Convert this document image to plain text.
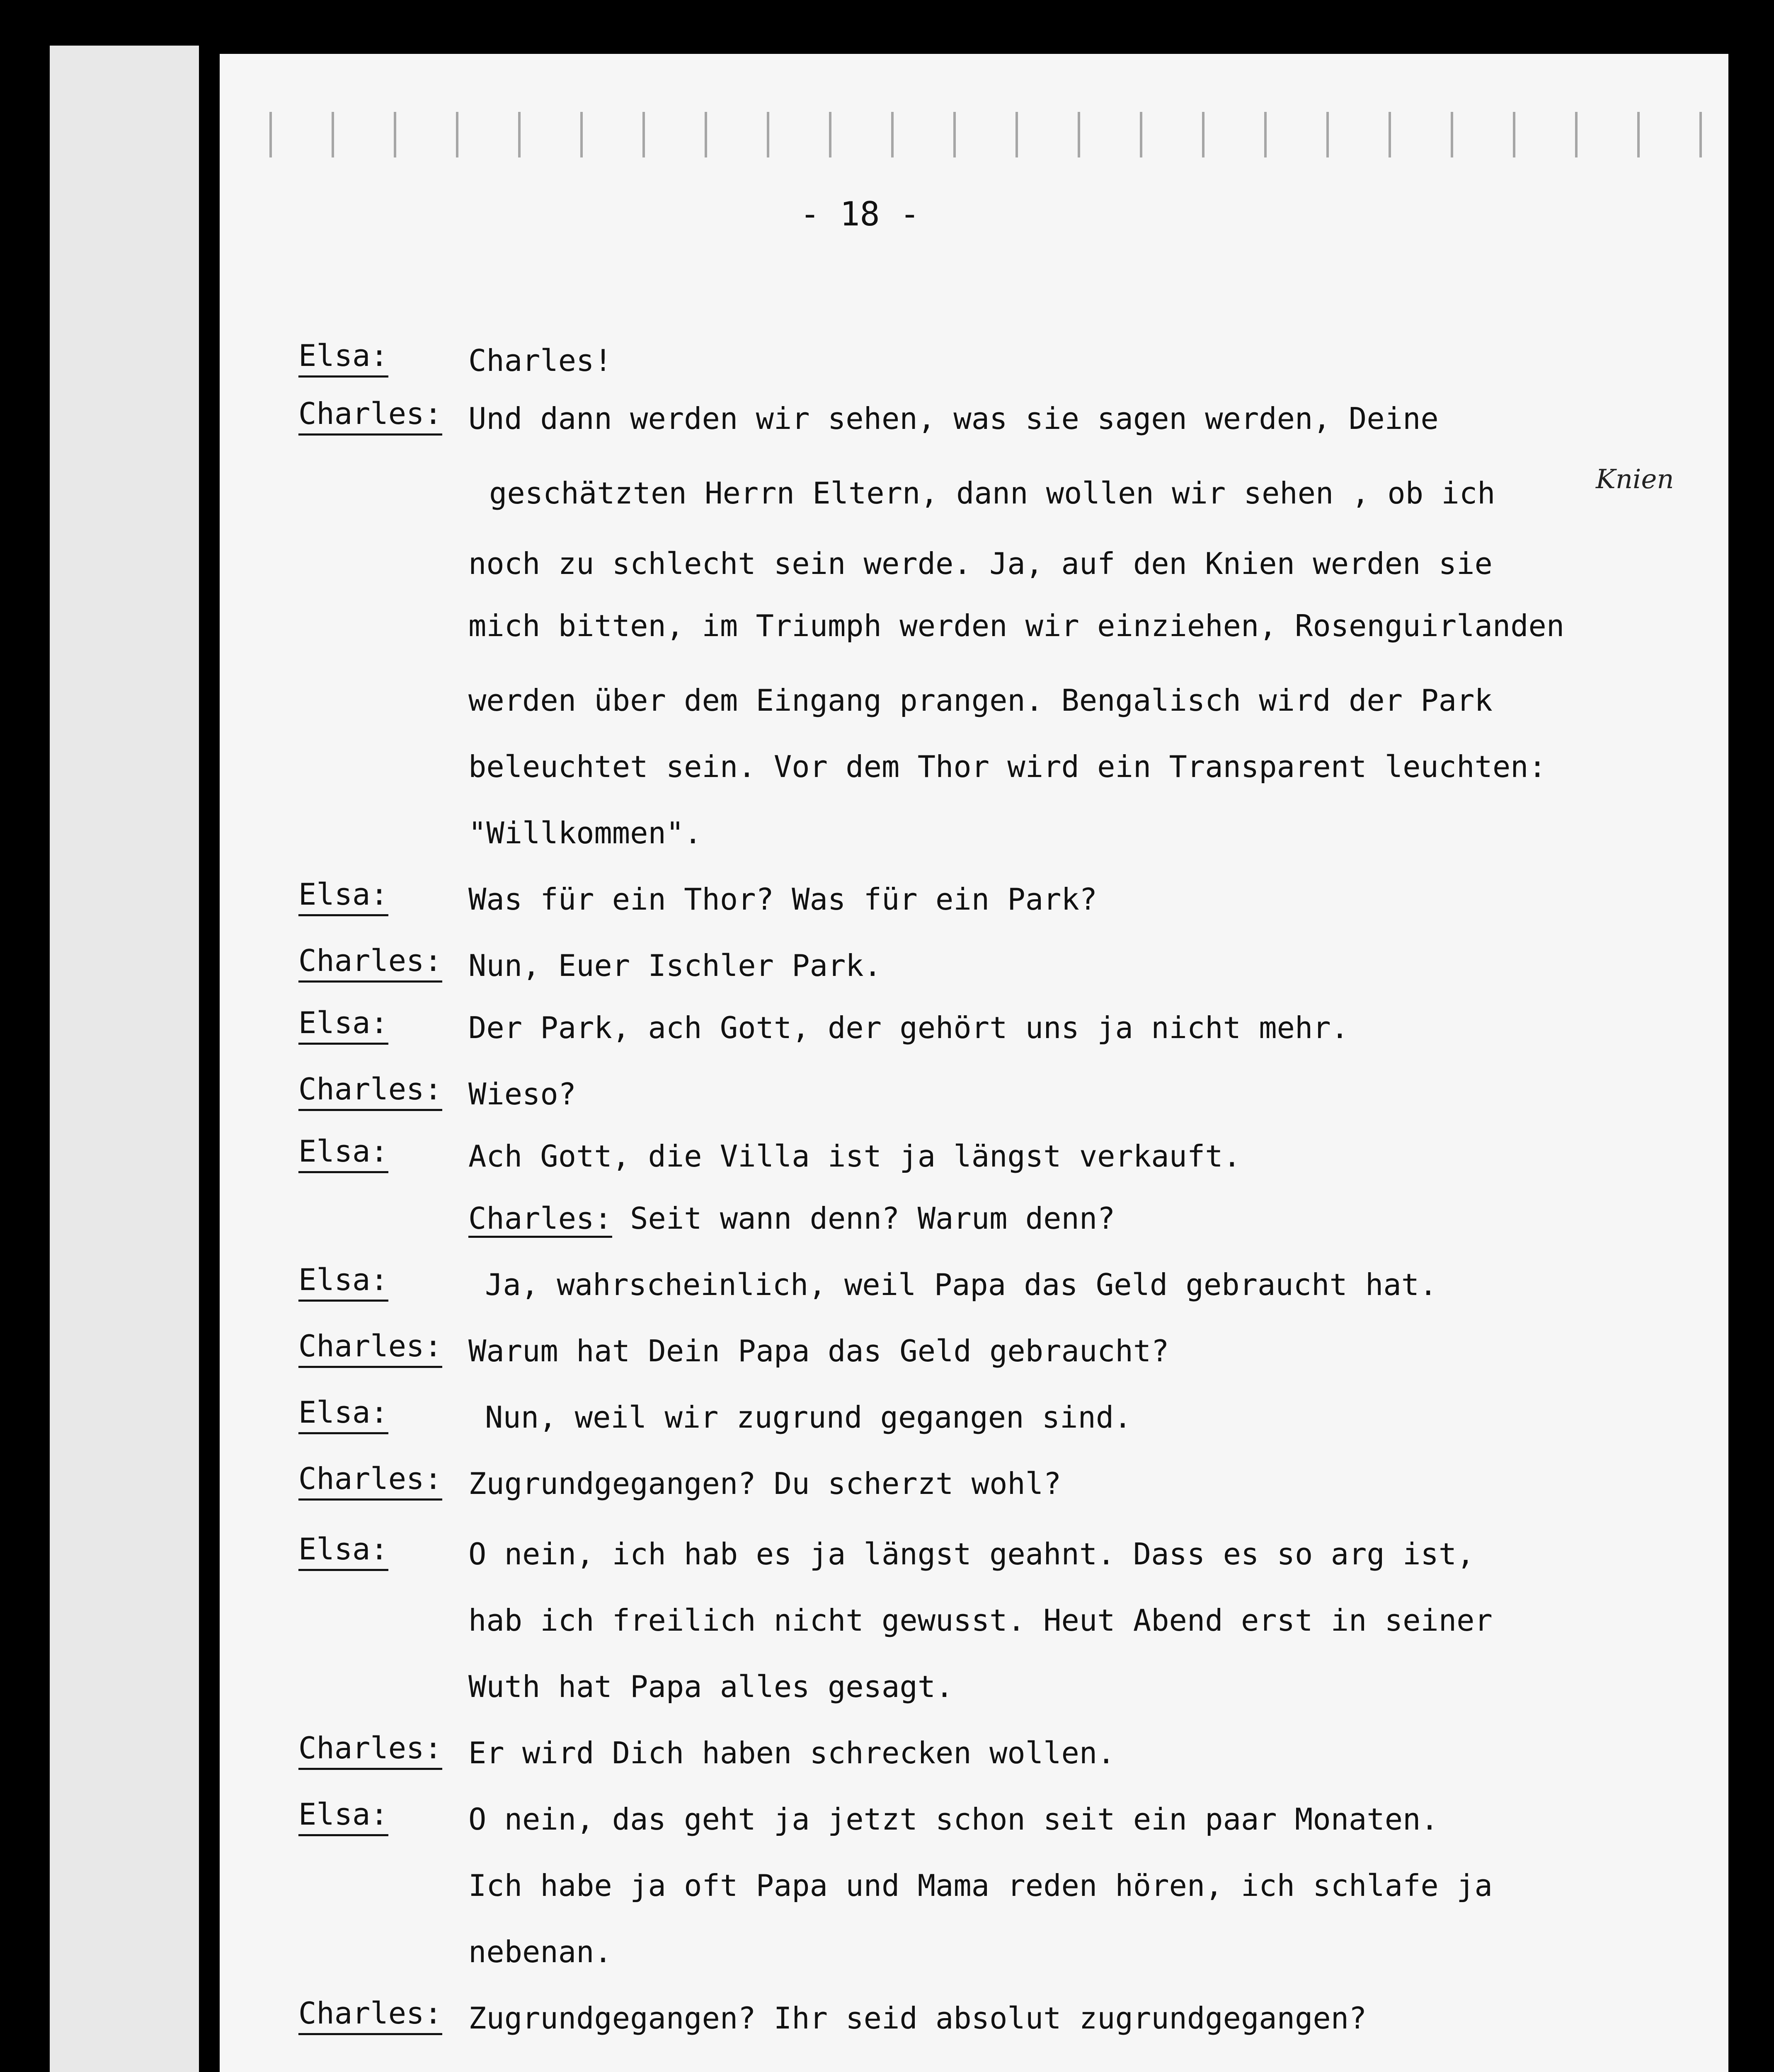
- 18 -
Knien
Elsa:	Charles!
Charles: Und dann werden wir sehen, was sie sagen werden, Deine
geschätzten Herrn Eltern, dann wollen wir sehen , ob ich
noch zu schlecht sein werde. Ja, auf den Knien werden sie
mich bitten, im Triumph werden wir einziehen, Rosenguirlanden
werden über dem Eingang prangen. Bengalisch wird der Park
beleuchtet sein. Vor dem Thor wird ein Transparent leuchten:
"Willkommen".
Elsa:	Was für ein Thor? Was für ein Park?
Charles: Nun, Euer Ischler Park.
Elsa:	Der Park, ach Gott, der gehört uns ja nicht mehr.
Charles: Wieso?
Elsa:	Ach Gott, die Villa ist ja längst verkauft.
Charles: Seit wann denn? Warum denn?
Elsa:	Ja, wahrscheinlich, weil Papa das Geld gebraucht hat.
Charles: Warum hat Dein Papa das Geld gebraucht?
Elsa:	Nun, weil wir zugrund gegangen sind.
Charles: Zugrundgegangen? Du scherzt wohl?
Elsa:	O nein, ich hab es ja längst geahnt. Dass es so arg ist,
hab ich freilich nicht gewusst. Heut Abend erst in seiner
Wuth hat Papa alles gesagt.
Charles: Er wird Dich haben schrecken wollen.
Elsa:	O nein, das geht ja jetzt schon seit ein paar Monaten.
Ich habe ja oft Papa und Mama reden hören, ich schlafe ja
nebenan.
Charles: Zugrundgegangen? Ihr seid absolut zugrundgegangen?
